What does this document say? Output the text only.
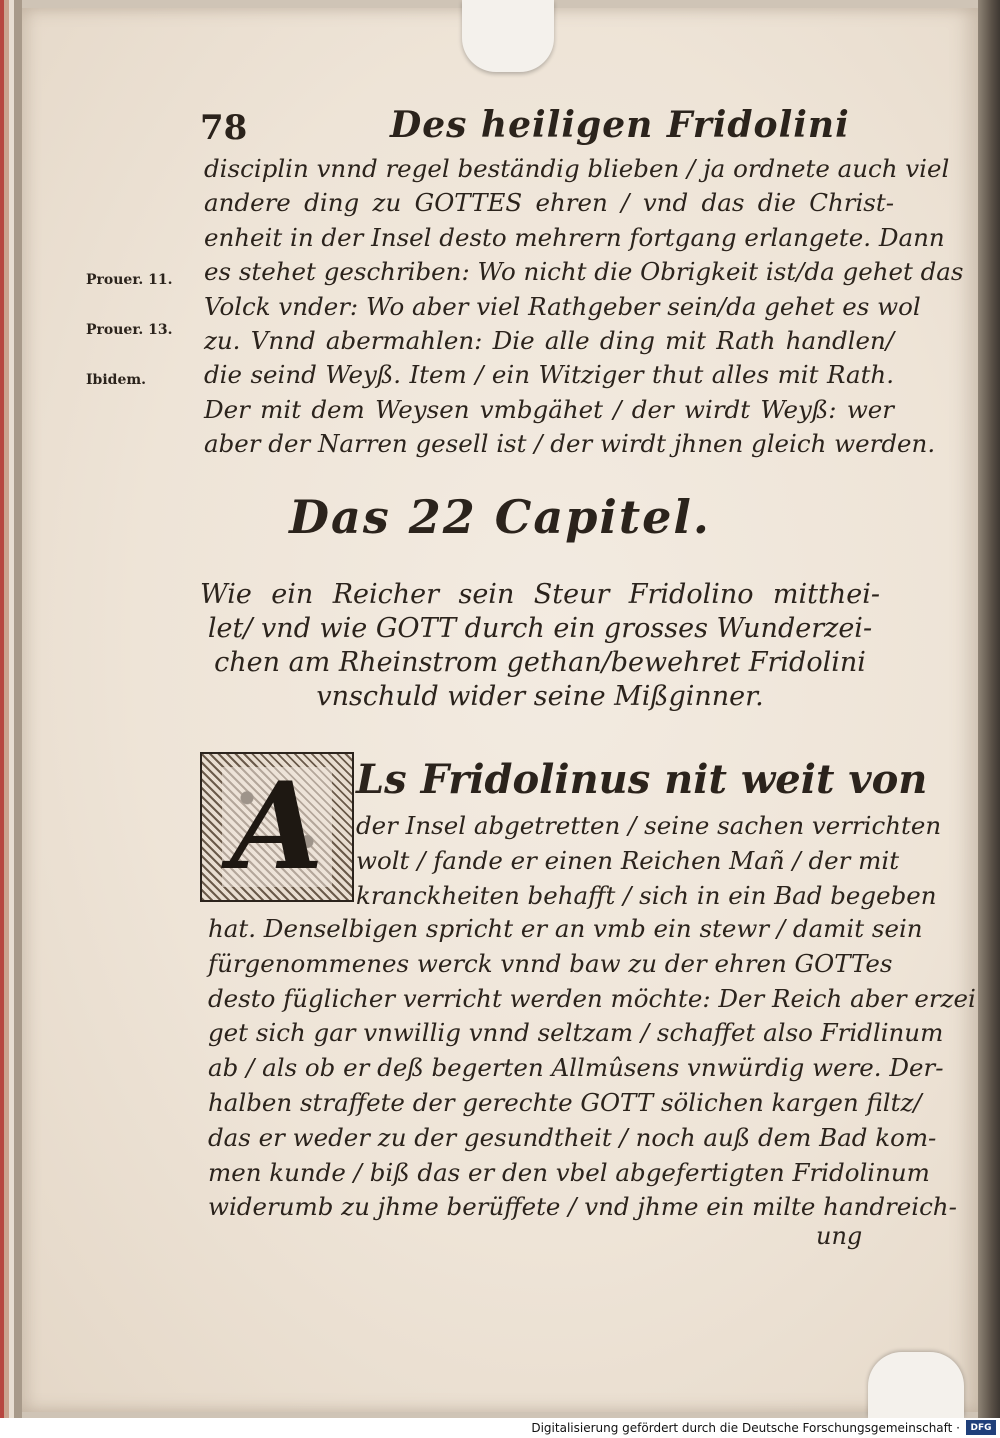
78	Des heiligen Fridolini
disciplin vnnd regel beständig blieben / ja ordnete auch viel
andere ding zu GOTTES ehren / vnd das die Christ-
enheit in der Insel desto mehrern fortgang erlangete. Dann
es stehet geschriben: Wo nicht die Obrigkeit ist/da gehet das
Volck vnder: Wo aber viel Rathgeber sein/da gehet es wol
zu. Vnnd abermahlen: Die alle ding mit Rath handlen/
die seind Weyß. Item / ein Witziger thut alles mit Rath.
Der mit dem Weysen vmbgähet / der wirdt Weyß: wer
aber der Narren gesell ist / der wirdt jhnen gleich werden.
Prouer. 11.
Prouer. 13.
Ibidem.
Das 22 Capitel.
Wie ein Reicher sein Steur Fridolino mitthei-
let/ vnd wie GOTT durch ein grosses Wunderzei-
chen am Rheinstrom gethan/bewehret Fridolini
vnschuld wider seine Mißginner.
A Ls Fridolinus nit weit von
der Insel abgetretten / seine sachen verrichten
wolt / fande er einen Reichen Mañ / der mit
kranckheiten behafft / sich in ein Bad begeben
hat. Denselbigen spricht er an vmb ein stewr / damit sein
fürgenommenes werck vnnd baw zu der ehren GOTTes
desto füglicher verricht werden möchte: Der Reich aber erzei
get sich gar vnwillig vnnd seltzam / schaffet also Fridlinum
ab / als ob er deß begerten Allmûsens vnwürdig were. Der-
halben straffete der gerechte GOTT sölichen kargen filtz/
das er weder zu der gesundtheit / noch auß dem Bad kom-
men kunde / biß das er den vbel abgefertigten Fridolinum
widerumb zu jhme berüffete / vnd jhme ein milte handreich-
ung
Digitalisierung gefördert durch die Deutsche Forschungsgemeinschaft ·	DFG
